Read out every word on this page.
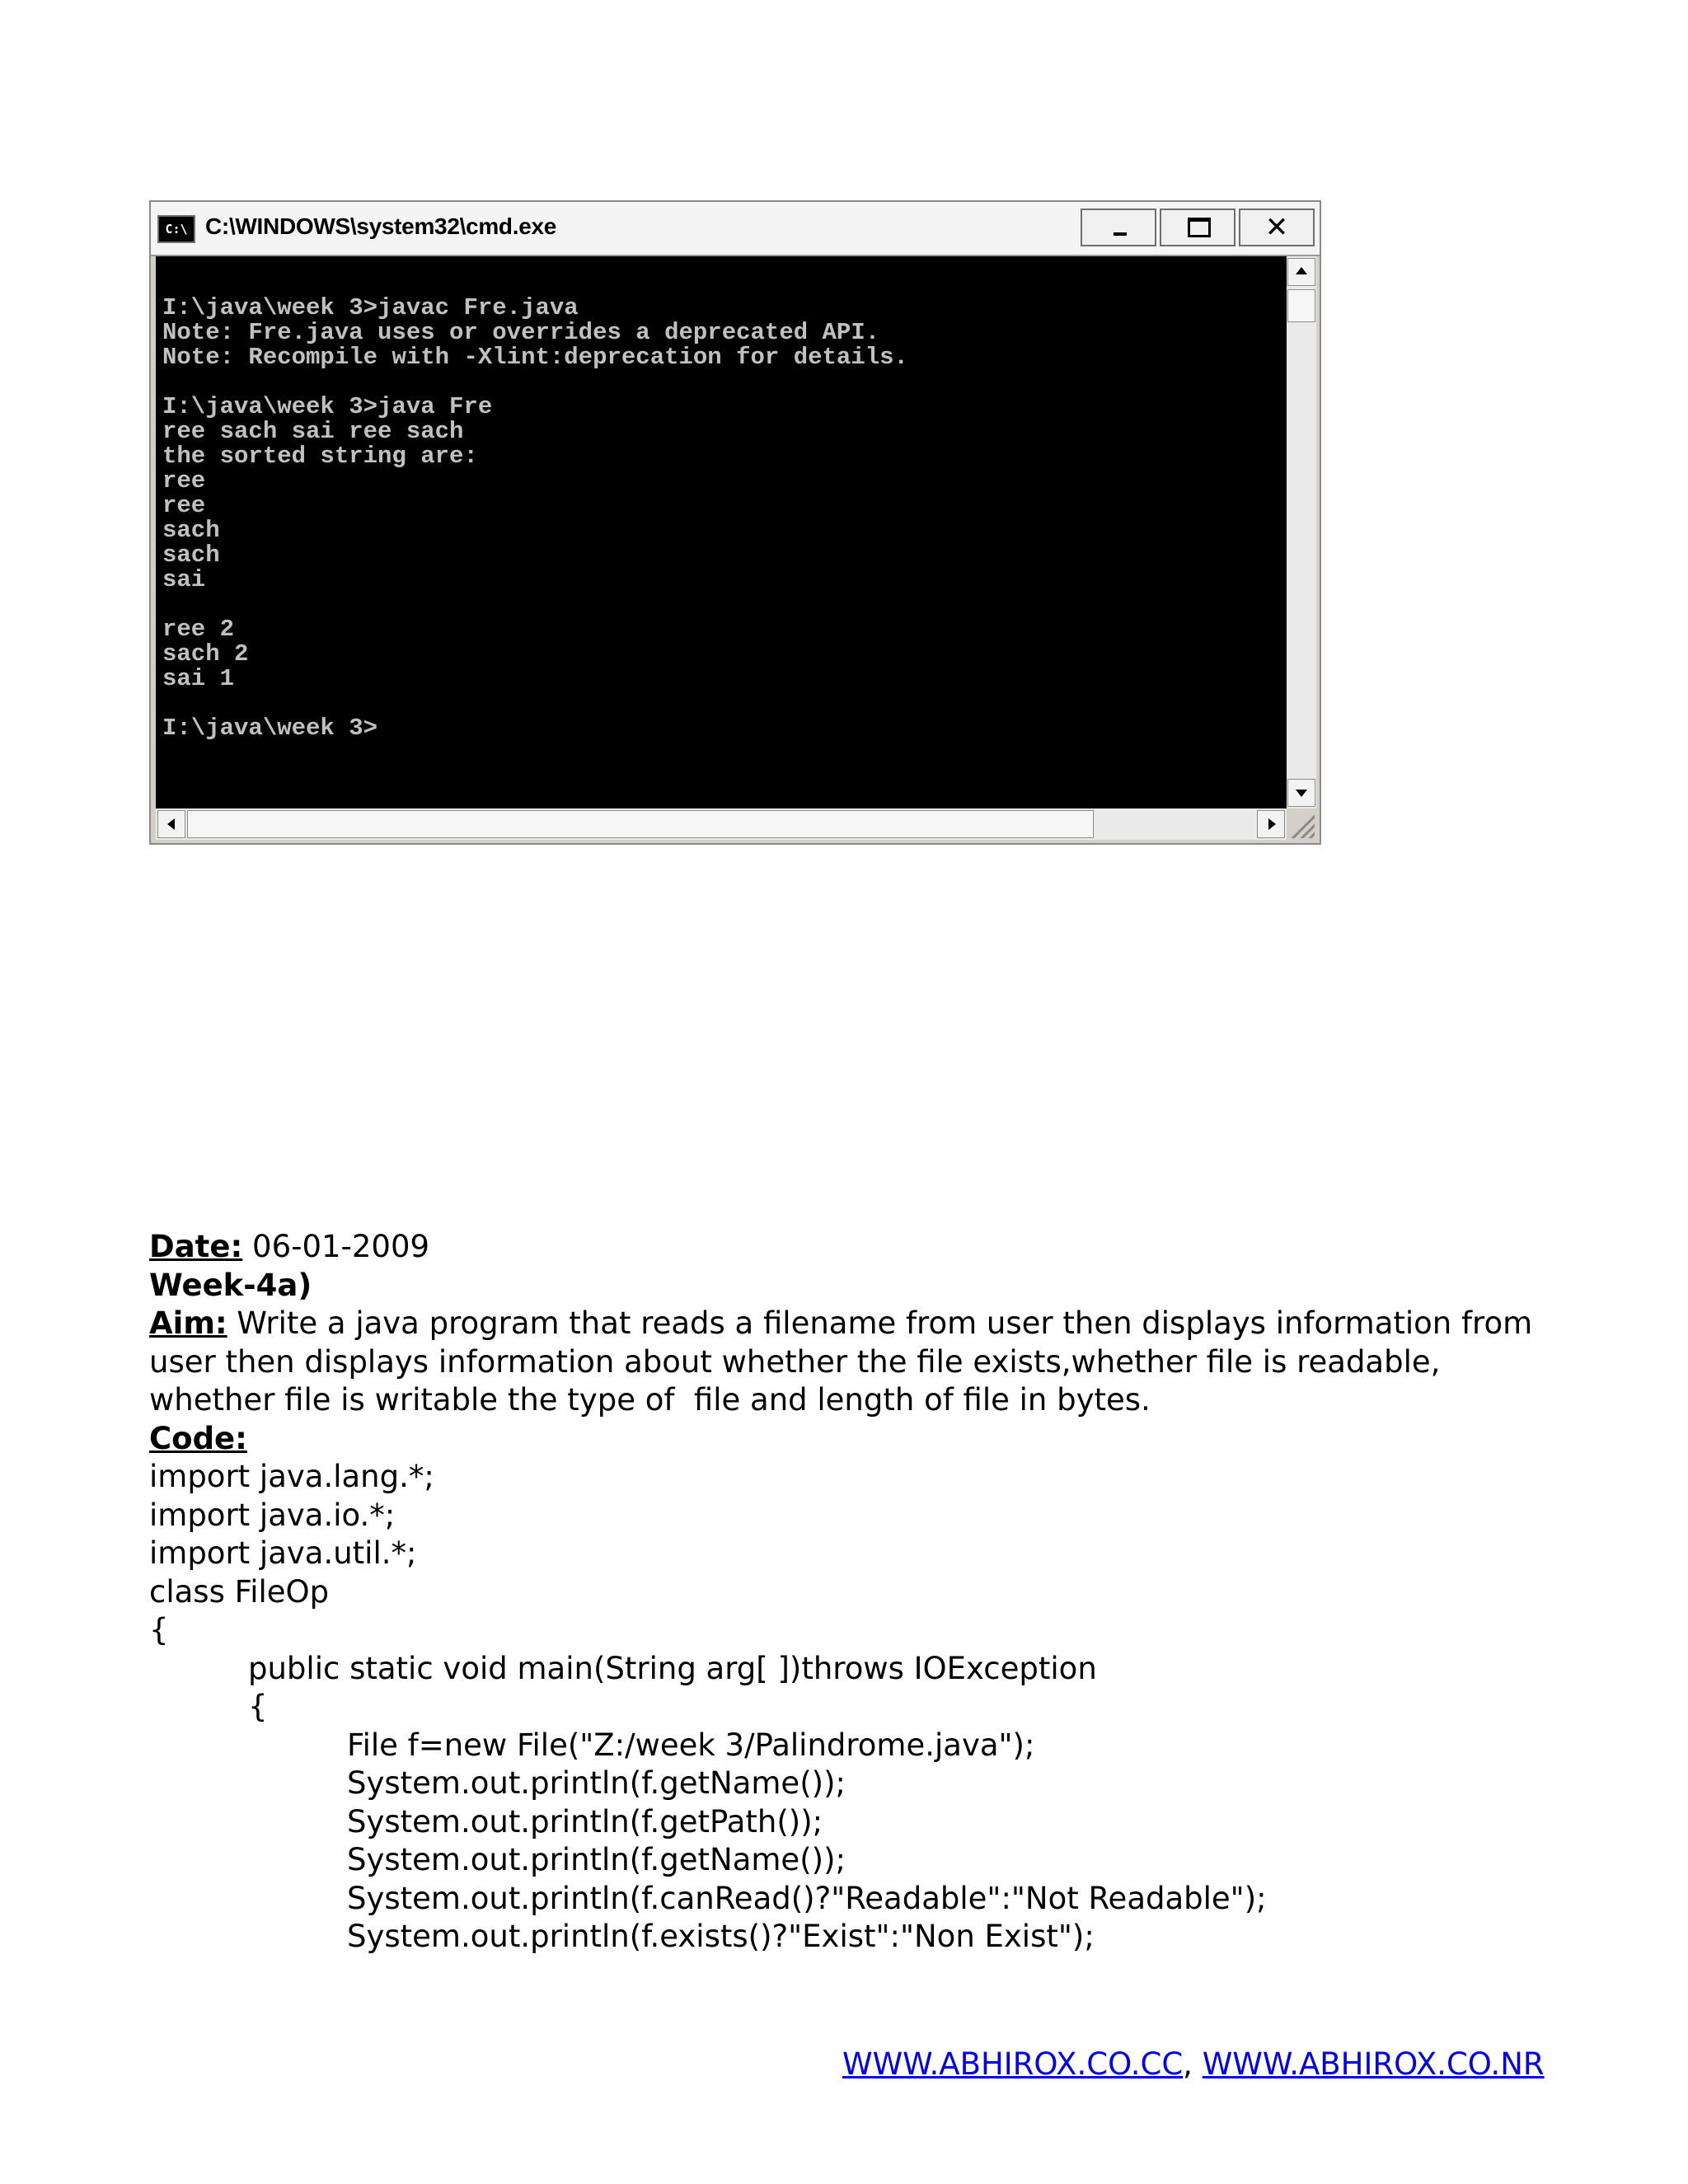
C:\ C:\WINDOWS\system32\cmd.exe	✕

I:\java\week 3>javac Fre.java
Note: Fre.java uses or overrides a deprecated API.
Note: Recompile with -Xlint:deprecation for details.

I:\java\week 3>java Fre
ree sach sai ree sach
the sorted string are:
ree
ree
sach
sach
sai

ree 2
sach 2
sai 1

I:\java\week 3>
Date: 06-01-2009
Week-4a)
Aim: Write a java program that reads a filename from user then displays information from
user then displays information about whether the file exists,whether file is readable,
whether file is writable the type of  file and length of file in bytes.
Code:
import java.lang.*;
import java.io.*;
import java.util.*;
class FileOp
{
public static void main(String arg[ ])throws IOException
{
File f=new File("Z:/week 3/Palindrome.java");
System.out.println(f.getName());
System.out.println(f.getPath());
System.out.println(f.getName());
System.out.println(f.canRead()?"Readable":"Not Readable");
System.out.println(f.exists()?"Exist":"Non Exist");
WWW.ABHIROX.CO.CC, WWW.ABHIROX.CO.NR
